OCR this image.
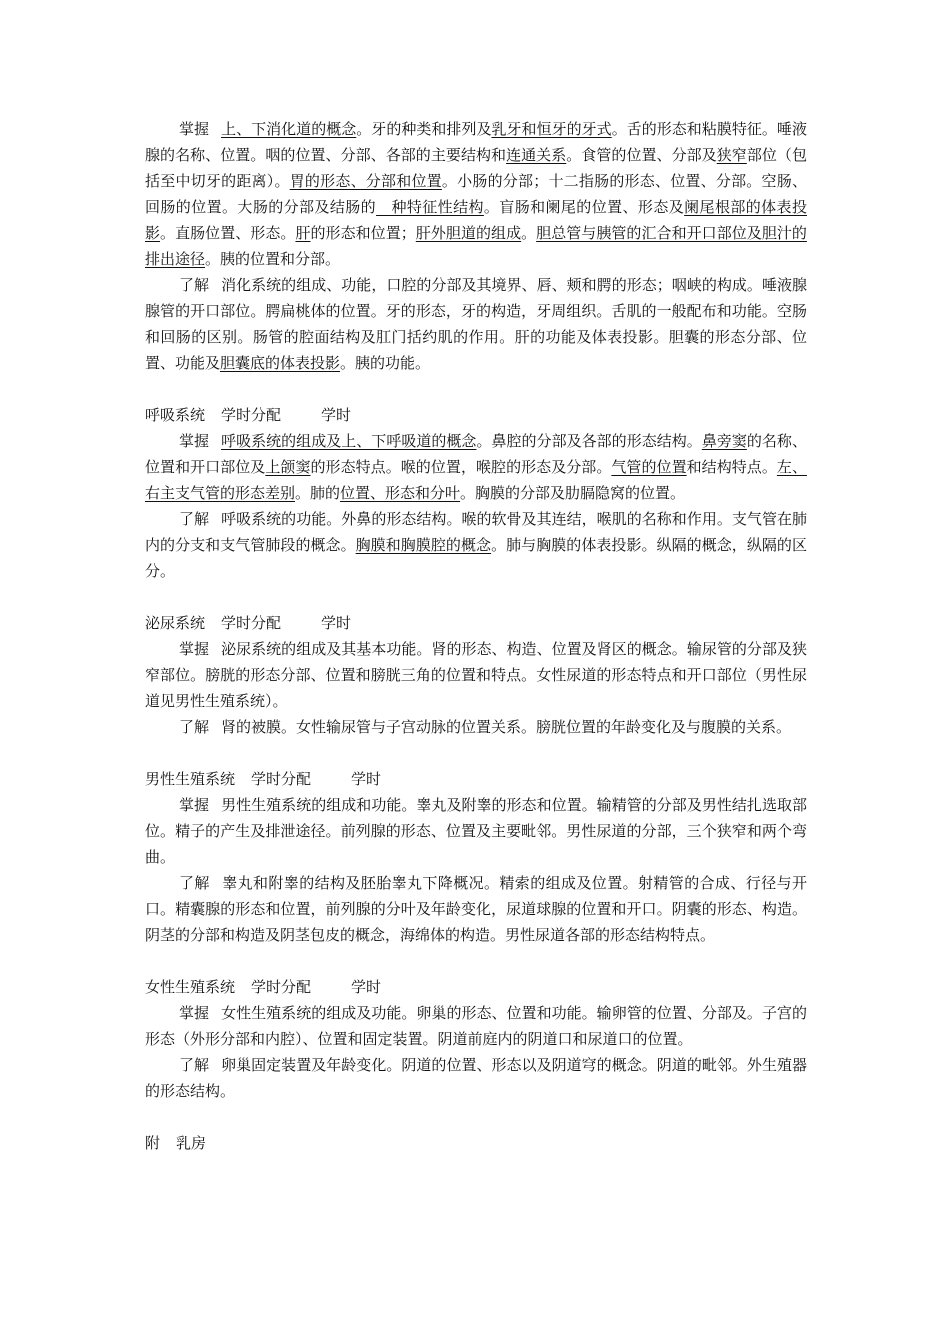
掌握 上、下消化道的概念。牙的种类和排列及乳牙和恒牙的牙式。舌的形态和粘膜特征。唾液腺的名称、位置。咽的位置、分部、各部的主要结构和连通关系。食管的位置、分部及狭窄部位（包括至中切牙的距离）。胃的形态、分部和位置。小肠的分部；十二指肠的形态、位置、分部。空肠、回肠的位置。大肠的分部及结肠的　种特征性结构。盲肠和阑尾的位置、形态及阑尾根部的体表投影。直肠位置、形态。肝的形态和位置；肝外胆道的组成。胆总管与胰管的汇合和开口部位及胆汁的排出途径。胰的位置和分部。

了解 消化系统的组成、功能，口腔的分部及其境界、唇、颊和腭的形态；咽峡的构成。唾液腺腺管的开口部位。腭扁桃体的位置。牙的形态，牙的构造，牙周组织。舌肌的一般配布和功能。空肠和回肠的区别。肠管的腔面结构及肛门括约肌的作用。肝的功能及体表投影。胆囊的形态分部、位置、功能及胆囊底的体表投影。胰的功能。

呼吸系统 学时分配	学时

掌握 呼吸系统的组成及上、下呼吸道的概念。鼻腔的分部及各部的形态结构。鼻旁窦的名称、位置和开口部位及上颌窦的形态特点。喉的位置，喉腔的形态及分部。气管的位置和结构特点。左、右主支气管的形态差别。肺的位置、形态和分叶。胸膜的分部及肋膈隐窝的位置。

了解 呼吸系统的功能。外鼻的形态结构。喉的软骨及其连结，喉肌的名称和作用。支气管在肺内的分支和支气管肺段的概念。胸膜和胸膜腔的概念。肺与胸膜的体表投影。纵隔的概念，纵隔的区分。

泌尿系统 学时分配	学时

掌握 泌尿系统的组成及其基本功能。肾的形态、构造、位置及肾区的概念。输尿管的分部及狭窄部位。膀胱的形态分部、位置和膀胱三角的位置和特点。女性尿道的形态特点和开口部位（男性尿道见男性生殖系统）。

了解 肾的被膜。女性输尿管与子宫动脉的位置关系。膀胱位置的年龄变化及与腹膜的关系。

男性生殖系统 学时分配	学时

掌握 男性生殖系统的组成和功能。睾丸及附睾的形态和位置。输精管的分部及男性结扎选取部位。精子的产生及排泄途径。前列腺的形态、位置及主要毗邻。男性尿道的分部，三个狭窄和两个弯曲。

了解 睾丸和附睾的结构及胚胎睾丸下降概况。精索的组成及位置。射精管的合成、行径与开口。精囊腺的形态和位置，前列腺的分叶及年龄变化，尿道球腺的位置和开口。阴囊的形态、构造。阴茎的分部和构造及阴茎包皮的概念，海绵体的构造。男性尿道各部的形态结构特点。

女性生殖系统 学时分配	学时

掌握 女性生殖系统的组成及功能。卵巢的形态、位置和功能。输卵管的位置、分部及。子宫的形态（外形分部和内腔）、位置和固定装置。阴道前庭内的阴道口和尿道口的位置。

了解 卵巢固定装置及年龄变化。阴道的位置、形态以及阴道穹的概念。阴道的毗邻。外生殖器的形态结构。

附 乳房
